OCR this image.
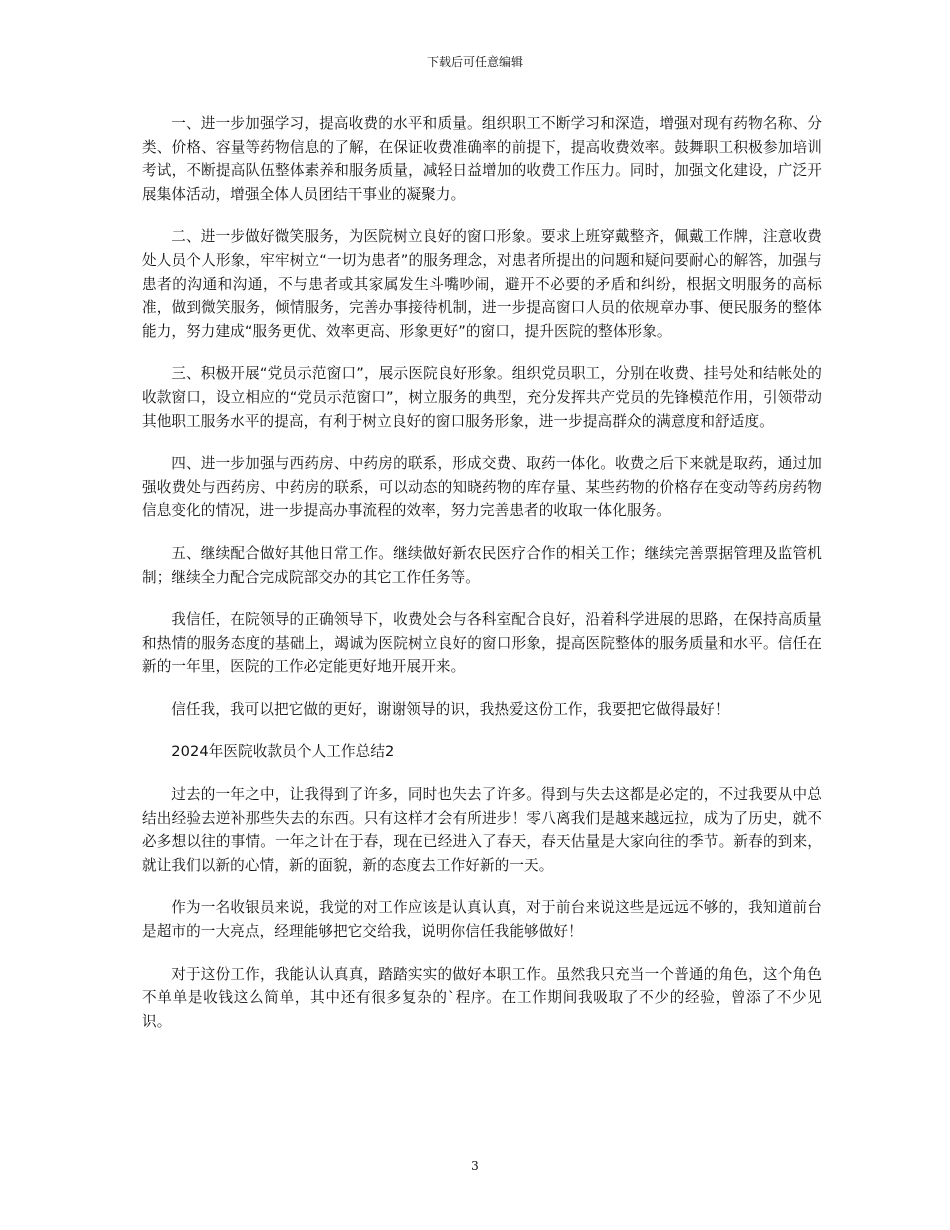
下载后可任意编辑

一、进一步加强学习，提高收费的水平和质量。组织职工不断学习和深造，增强对现有药物名称、分类、价格、容量等药物信息的了解，在保证收费准确率的前提下，提高收费效率。鼓舞职工积极参加培训考试，不断提高队伍整体素养和服务质量，减轻日益增加的收费工作压力。同时，加强文化建设，广泛开展集体活动，增强全体人员团结干事业的凝聚力。

二、进一步做好微笑服务，为医院树立良好的窗口形象。要求上班穿戴整齐，佩戴工作牌，注意收费处人员个人形象，牢牢树立“一切为患者”的服务理念，对患者所提出的问题和疑问要耐心的解答，加强与患者的沟通和沟通，不与患者或其家属发生斗嘴吵闹，避开不必要的矛盾和纠纷，根据文明服务的高标准，做到微笑服务，倾情服务，完善办事接待机制，进一步提高窗口人员的依规章办事、便民服务的整体能力，努力建成“服务更优、效率更高、形象更好”的窗口，提升医院的整体形象。

三、积极开展“党员示范窗口”，展示医院良好形象。组织党员职工，分别在收费、挂号处和结帐处的收款窗口，设立相应的“党员示范窗口”，树立服务的典型，充分发挥共产党员的先锋模范作用，引领带动其他职工服务水平的提高，有利于树立良好的窗口服务形象，进一步提高群众的满意度和舒适度。

四、进一步加强与西药房、中药房的联系，形成交费、取药一体化。收费之后下来就是取药，通过加强收费处与西药房、中药房的联系，可以动态的知晓药物的库存量、某些药物的价格存在变动等药房药物信息变化的情况，进一步提高办事流程的效率，努力完善患者的收取一体化服务。

五、继续配合做好其他日常工作。继续做好新农民医疗合作的相关工作；继续完善票据管理及监管机制；继续全力配合完成院部交办的其它工作任务等。

我信任，在院领导的正确领导下，收费处会与各科室配合良好，沿着科学进展的思路，在保持高质量和热情的服务态度的基础上，竭诚为医院树立良好的窗口形象，提高医院整体的服务质量和水平。信任在新的一年里，医院的工作必定能更好地开展开来。

信任我，我可以把它做的更好，谢谢领导的识，我热爱这份工作，我要把它做得最好！

2024年医院收款员个人工作总结2

过去的一年之中，让我得到了许多，同时也失去了许多。得到与失去这都是必定的，不过我要从中总结出经验去逆补那些失去的东西。只有这样才会有所进步！零八离我们是越来越远拉，成为了历史，就不必多想以往的事情。一年之计在于春，现在已经进入了春天，春天估量是大家向往的季节。新春的到来，就让我们以新的心情，新的面貌，新的态度去工作好新的一天。

作为一名收银员来说，我觉的对工作应该是认真认真，对于前台来说这些是远远不够的，我知道前台是超市的一大亮点，经理能够把它交给我，说明你信任我能够做好！

对于这份工作，我能认认真真，踏踏实实的做好本职工作。虽然我只充当一个普通的角色，这个角色不单单是收钱这么简单，其中还有很多复杂的`程序。在工作期间我吸取了不少的经验，曾添了不少见识。

3
